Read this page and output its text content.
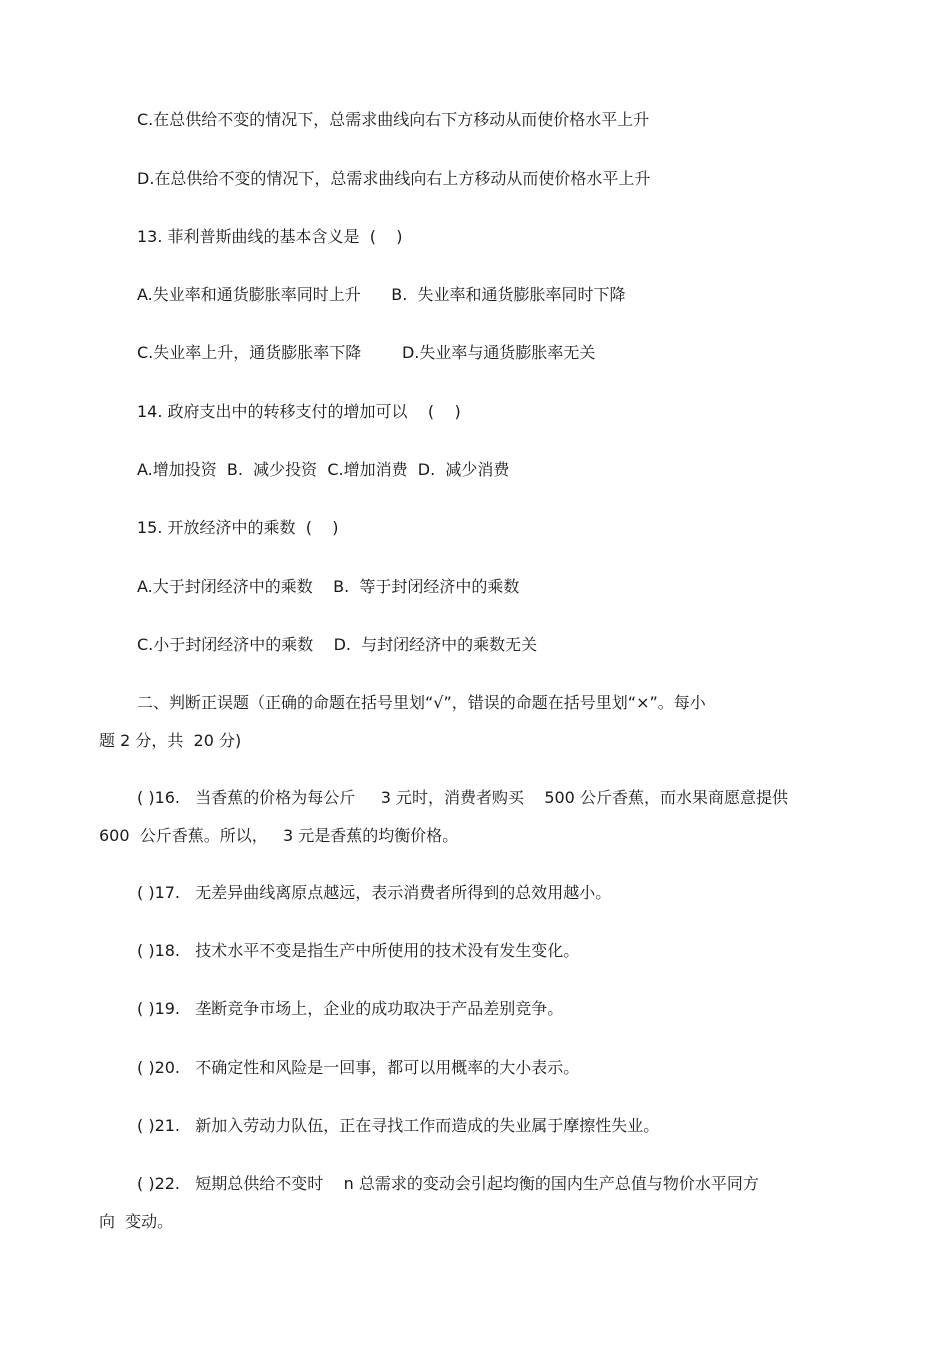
C.在总供给不变的情况下，总需求曲线向右下方移动从而使价格水平上升

D.在总供给不变的情况下，总需求曲线向右上方移动从而使价格水平上升

13. 菲利普斯曲线的基本含义是  (    )

A.失业率和通货膨胀率同时上升      B.  失业率和通货膨胀率同时下降

C.失业率上升，通货膨胀率下降        D.失业率与通货膨胀率无关

14. 政府支出中的转移支付的增加可以    (    )

A.增加投资  B.  减少投资  C.增加消费  D.  减少消费

15. 开放经济中的乘数  (    )

A.大于封闭经济中的乘数    B.  等于封闭经济中的乘数

C.小于封闭经济中的乘数    D.  与封闭经济中的乘数无关

二、判断正误题（正确的命题在括号里划“√”，错误的命题在括号里划“×”。每小

题 2 分，共  20 分)

( )16.   当香蕉的价格为每公斤     3 元时，消费者购买    500 公斤香蕉，而水果商愿意提供

600  公斤香蕉。所以，   3 元是香蕉的均衡价格。

( )17.   无差异曲线离原点越远，表示消费者所得到的总效用越小。

( )18.   技术水平不变是指生产中所使用的技术没有发生变化。

( )19.   垄断竞争市场上，企业的成功取决于产品差别竞争。

( )20.   不确定性和风险是一回事，都可以用概率的大小表示。

( )21.   新加入劳动力队伍，正在寻找工作而造成的失业属于摩擦性失业。

( )22.   短期总供给不变时    n 总需求的变动会引起均衡的国内生产总值与物价水平同方

向  变动。
